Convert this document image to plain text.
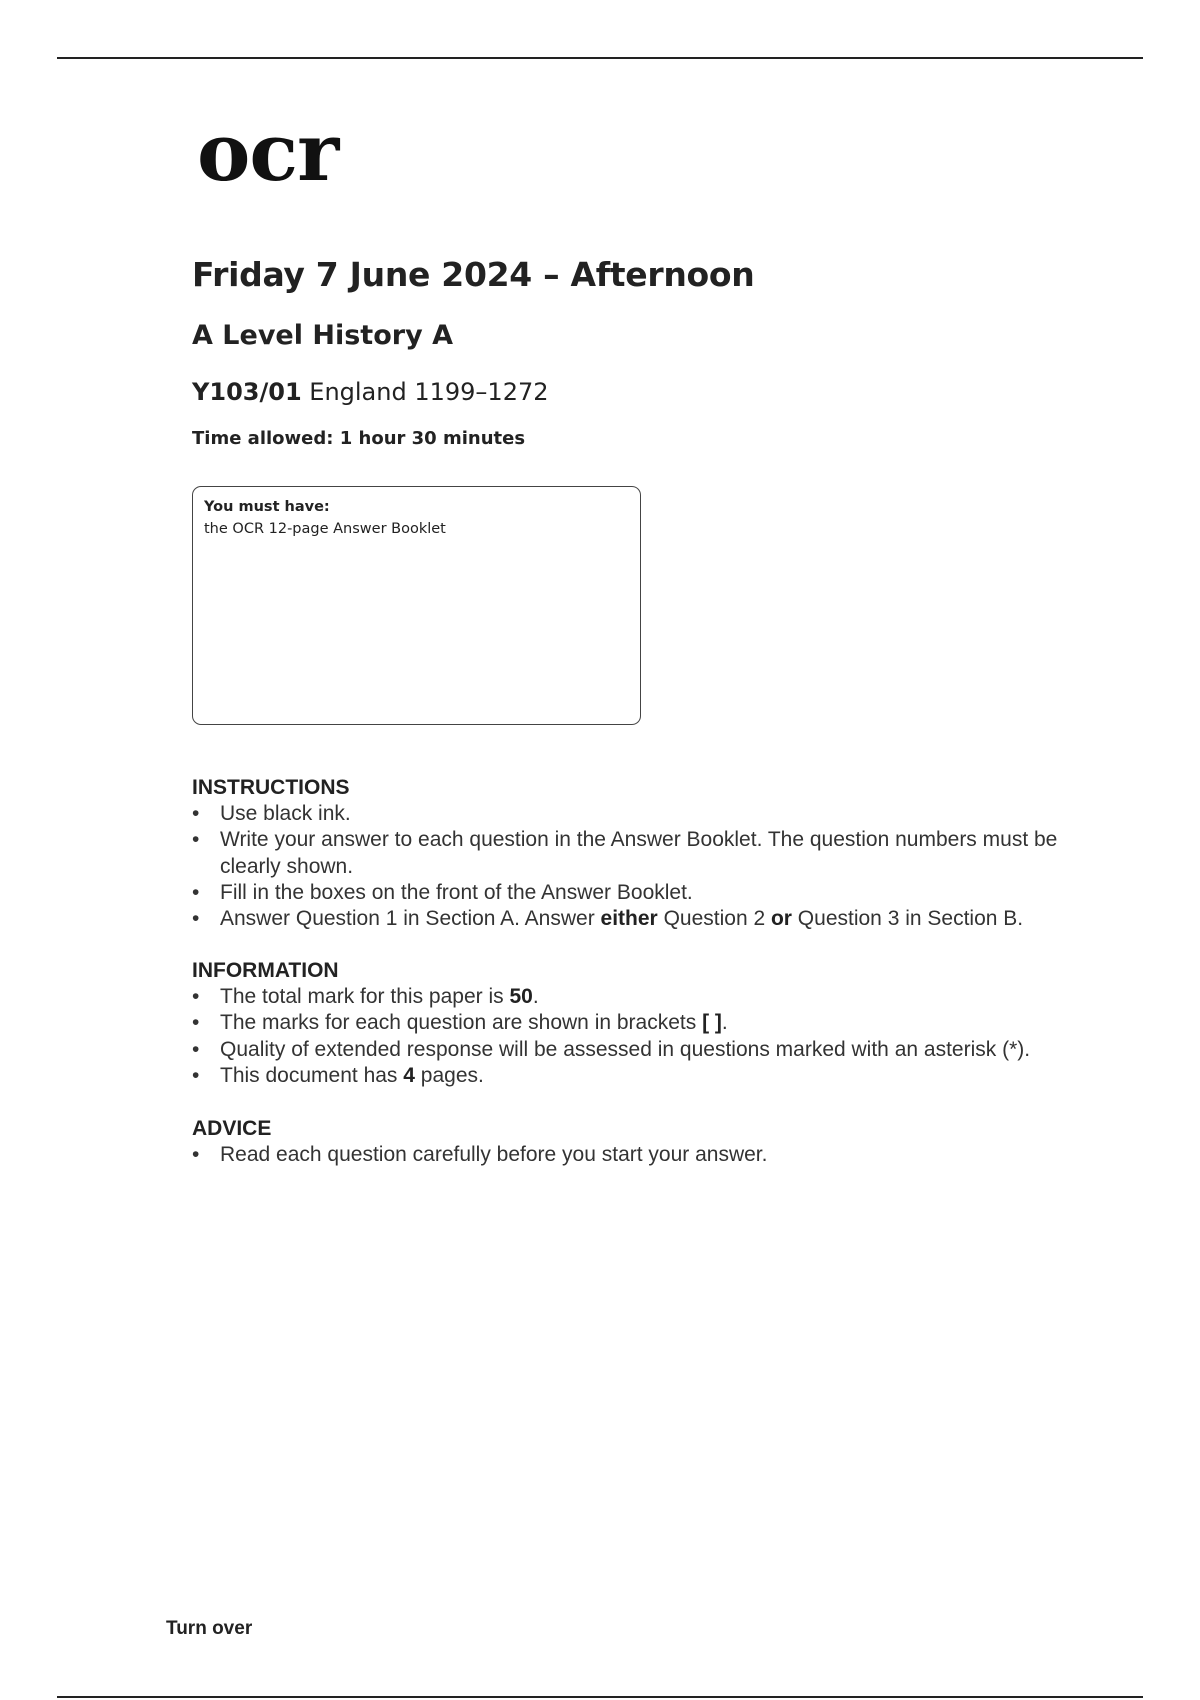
ocr
Friday 7 June 2024 – Afternoon
A Level History A
Y103/01 England 1199–1272
Time allowed: 1 hour 30 minutes
You must have:
the OCR 12-page Answer Booklet
INSTRUCTIONS
• Use black ink.
• Write your answer to each question in the Answer Booklet. The question numbers must be clearly shown.
• Fill in the boxes on the front of the Answer Booklet.
• Answer Question 1 in Section A. Answer either Question 2 or Question 3 in Section B.
INFORMATION
• The total mark for this paper is 50.
• The marks for each question are shown in brackets [ ].
• Quality of extended response will be assessed in questions marked with an asterisk (*).
• This document has 4 pages.
ADVICE
• Read each question carefully before you start your answer.
Turn over
